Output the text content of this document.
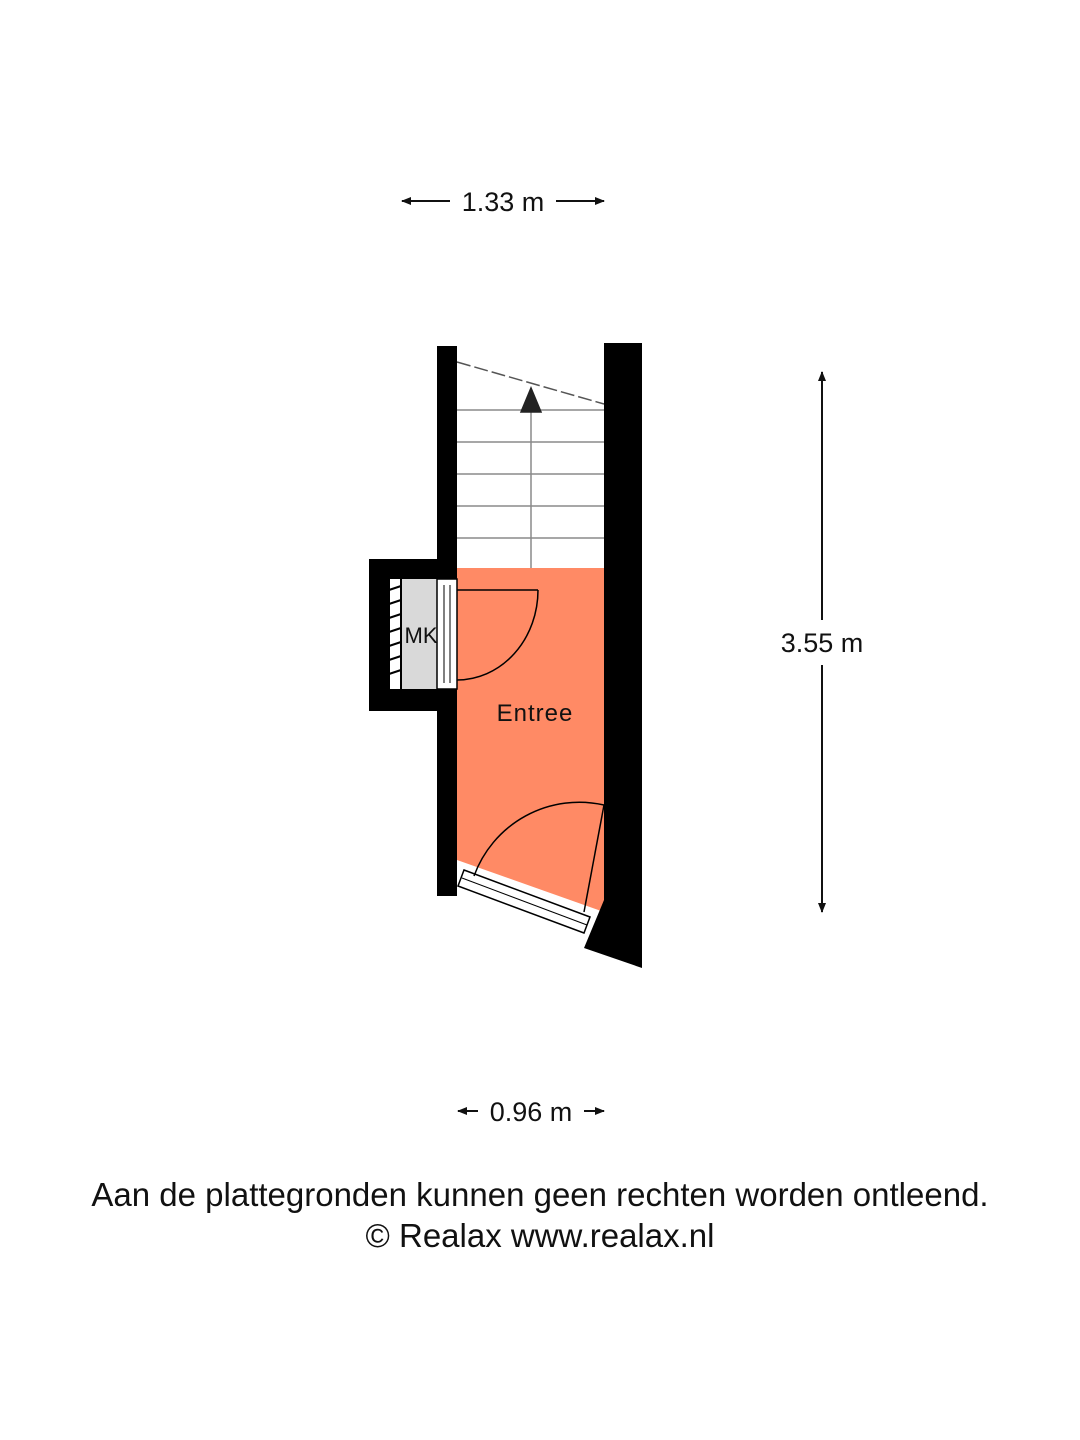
1.33 m
3.55 m
0.96 m
Entree
MK
Aan de plattegronden kunnen geen rechten worden ontleend.
© Realax www.realax.nl
